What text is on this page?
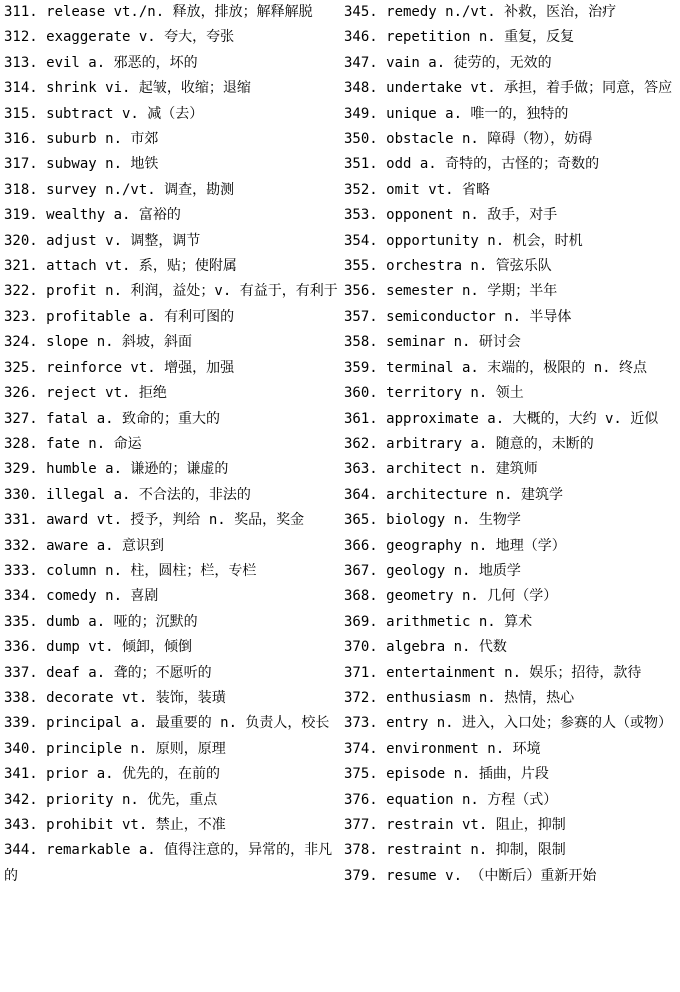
311. release vt./n. 释放，排放；解释解脱
312. exaggerate v. 夸大，夸张
313. evil a. 邪恶的，坏的
314. shrink vi. 起皱，收缩；退缩
315. subtract v. 减（去）
316. suburb n. 市郊
317. subway n. 地铁
318. survey n./vt. 调查，勘测
319. wealthy a. 富裕的
320. adjust v. 调整，调节
321. attach vt. 系，贴；使附属
322. profit n. 利润，益处；v. 有益于，有利于
323. profitable a. 有利可图的
324. slope n. 斜坡，斜面
325. reinforce vt. 增强，加强
326. reject vt. 拒绝
327. fatal a. 致命的；重大的
328. fate n. 命运
329. humble a. 谦逊的；谦虚的
330. illegal a. 不合法的，非法的
331. award vt. 授予，判给 n. 奖品，奖金
332. aware a. 意识到
333. column n. 柱，圆柱；栏，专栏
334. comedy n. 喜剧
335. dumb a. 哑的；沉默的
336. dump vt. 倾卸，倾倒
337. deaf a. 聋的；不愿听的
338. decorate vt. 装饰，装璜
339. principal a. 最重要的 n. 负责人，校长
340. principle n. 原则，原理
341. prior a. 优先的，在前的
342. priority n. 优先，重点
343. prohibit vt. 禁止，不准
344. remarkable a. 值得注意的，异常的，非凡的
345. remedy n./vt. 补救，医治，治疗
346. repetition n. 重复，反复
347. vain a. 徒劳的，无效的
348. undertake vt. 承担，着手做；同意，答应
349. unique a. 唯一的，独特的
350. obstacle n. 障碍（物），妨碍
351. odd a. 奇特的，古怪的；奇数的
352. omit vt. 省略
353. opponent n. 敌手，对手
354. opportunity n. 机会，时机
355. orchestra n. 管弦乐队
356. semester n. 学期；半年
357. semiconductor n. 半导体
358. seminar n. 研讨会
359. terminal a. 末端的，极限的 n. 终点
360. territory n. 领土
361. approximate a. 大概的，大约 v. 近似
362. arbitrary a. 随意的，未断的
363. architect n. 建筑师
364. architecture n. 建筑学
365. biology n. 生物学
366. geography n. 地理（学）
367. geology n. 地质学
368. geometry n. 几何（学）
369. arithmetic n. 算术
370. algebra n. 代数
371. entertainment n. 娱乐；招待，款待
372. enthusiasm n. 热情，热心
373. entry n. 进入，入口处；参赛的人（或物）
374. environment n. 环境
375. episode n. 插曲，片段
376. equation n. 方程（式）
377. restrain vt. 阻止，抑制
378. restraint n. 抑制，限制
379. resume v. （中断后）重新开始
